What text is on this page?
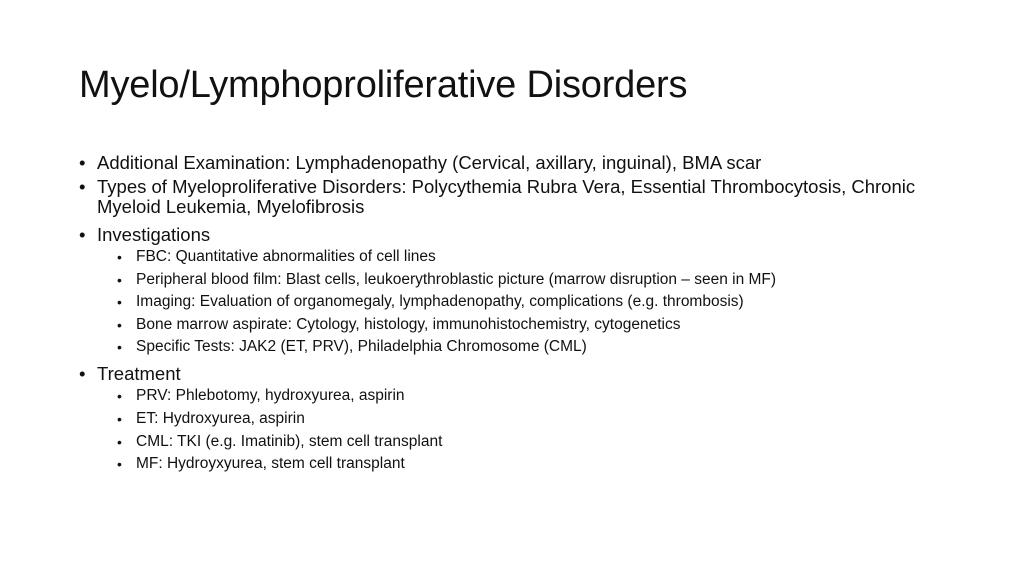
Myelo/Lymphoproliferative Disorders
• Additional Examination: Lymphadenopathy (Cervical, axillary, inguinal), BMA scar
• Types of Myeloproliferative Disorders: Polycythemia Rubra Vera, Essential Thrombocytosis, Chronic Myeloid Leukemia, Myelofibrosis
• Investigations
• FBC: Quantitative abnormalities of cell lines
• Peripheral blood film: Blast cells, leukoerythroblastic picture (marrow disruption – seen in MF)
• Imaging: Evaluation of organomegaly, lymphadenopathy, complications (e.g. thrombosis)
• Bone marrow aspirate: Cytology, histology, immunohistochemistry, cytogenetics
• Specific Tests: JAK2 (ET, PRV), Philadelphia Chromosome (CML)
• Treatment
• PRV: Phlebotomy, hydroxyurea, aspirin
• ET: Hydroxyurea, aspirin
• CML: TKI (e.g. Imatinib), stem cell transplant
• MF: Hydroyxyurea, stem cell transplant
